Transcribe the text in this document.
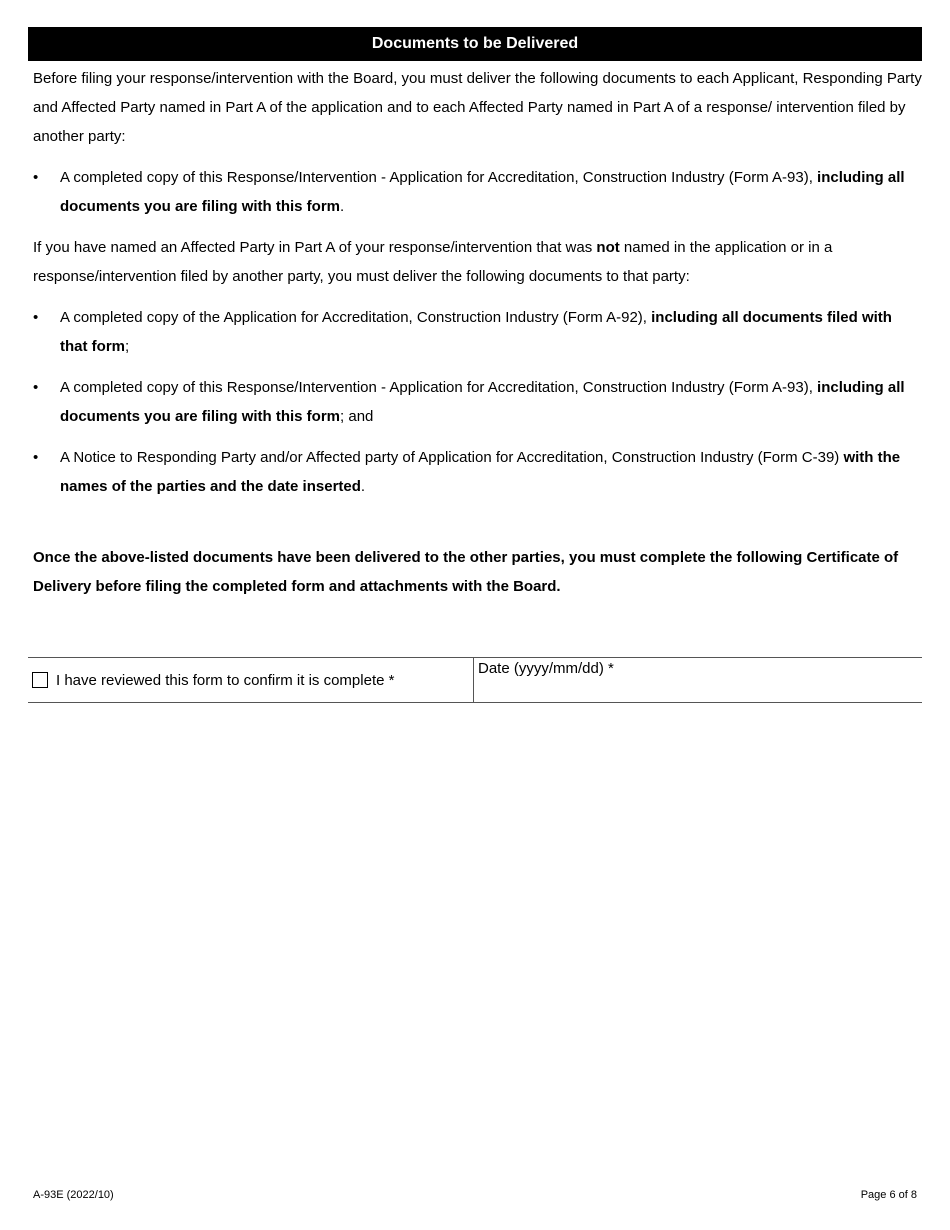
Documents to be Delivered

Before filing your response/intervention with the Board, you must deliver the following documents to each Applicant, Responding Party and Affected Party named in Part A of the application and to each Affected Party named in Part A of a response/ intervention filed by another party:

•	A completed copy of this Response/Intervention - Application for Accreditation, Construction Industry (Form A-93), including all documents you are filing with this form.

If you have named an Affected Party in Part A of your response/intervention that was not named in the application or in a response/intervention filed by another party, you must deliver the following documents to that party:

•	A completed copy of the Application for Accreditation, Construction Industry (Form A-92), including all documents filed with that form;
•	A completed copy of this Response/Intervention - Application for Accreditation, Construction Industry (Form A-93), including all documents you are filing with this form; and
•	A Notice to Responding Party and/or Affected party of Application for Accreditation, Construction Industry (Form C-39) with the names of the parties and the date inserted.

Once the above-listed documents have been delivered to the other parties, you must complete the following Certificate of Delivery before filing the completed form and attachments with the Board.

I have reviewed this form to confirm it is complete *
Date (yyyy/mm/dd) *
A-93E (2022/10)	Page 6 of 8
